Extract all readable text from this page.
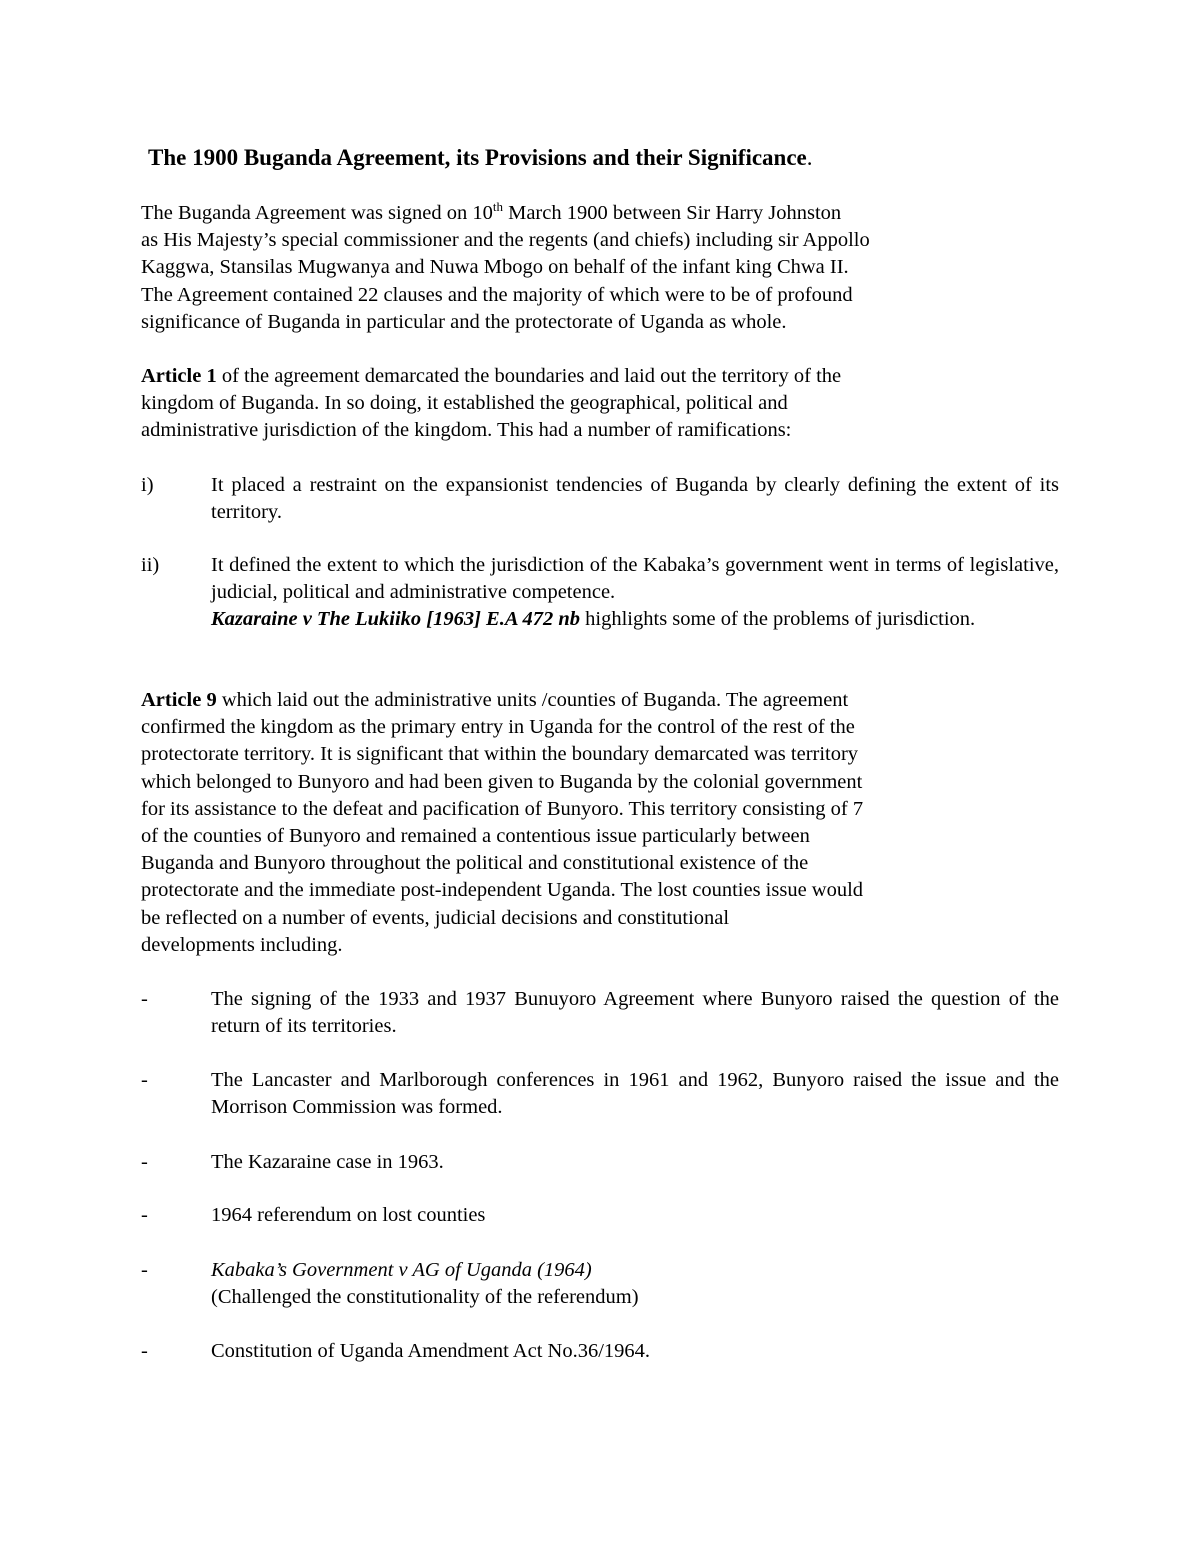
The 1900 Buganda Agreement, its Provisions and their Significance.
The Buganda Agreement was signed on 10th March 1900 between Sir Harry Johnston
as His Majesty’s special commissioner and the regents (and chiefs) including sir Appollo
Kaggwa, Stansilas Mugwanya and Nuwa Mbogo on behalf of the infant king Chwa II.
The Agreement contained 22 clauses and the majority of which were to be of profound
significance of Buganda in particular and the protectorate of Uganda as whole.
Article 1 of the agreement demarcated the boundaries and laid out the territory of the
kingdom of Buganda. In so doing, it established the geographical, political and
administrative jurisdiction of the kingdom. This had a number of ramifications:
i)	It placed a restraint on the expansionist tendencies of Buganda by clearly defining the extent of its territory.
ii)	It defined the extent to which the jurisdiction of the Kabaka’s government went in terms of legislative, judicial, political and administrative competence.
Kazaraine v The Lukiiko [1963] E.A 472 nb highlights some of the problems of jurisdiction.
Article 9 which laid out the administrative units /counties of Buganda. The agreement
confirmed the kingdom as the primary entry in Uganda for the control of the rest of the
protectorate territory. It is significant that within the boundary demarcated was territory
which belonged to Bunyoro and had been given to Buganda by the colonial government
for its assistance to the defeat and pacification of Bunyoro. This territory consisting of 7
of the counties of Bunyoro and remained a contentious issue particularly between
Buganda and Bunyoro throughout the political and constitutional existence of the
protectorate and the immediate post-independent Uganda. The lost counties issue would
be reflected on a number of events, judicial decisions and constitutional
developments including.
-	The signing of the 1933 and 1937 Bunuyoro Agreement where Bunyoro raised the question of the return of its territories.
-	The Lancaster and Marlborough conferences in 1961 and 1962, Bunyoro raised the issue and the Morrison Commission was formed.
-	The Kazaraine case in 1963.
-	1964 referendum on lost counties
-	Kabaka’s Government v AG of Uganda (1964)
(Challenged the constitutionality of the referendum)
-	Constitution of Uganda Amendment Act No.36/1964.
